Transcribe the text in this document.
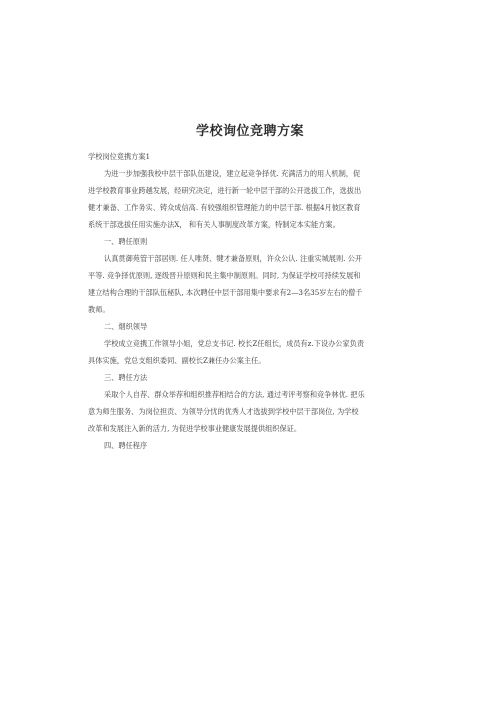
学校询位竞聘方案

学校岗位竟携方案1

为进一步加强我校中层干部队伍建设，建立起竞争择优. 充满活力的用人机制，促

进学校教育事业跨越发展，经研究决定，进行新一轮中层干部的公开选拔工作，选拔出

健才兼备、工作务实、铸众成信高. 有较强组织管理能力的中层干部. 根据4月彼区教育

系统干部选拔任用实施办法X， 和有关人事制度改革方案，特制定本实能方案。

一、聘任原则

认真贯御苑管干部居则. 任人唯贤、犍才兼备原则，许众公认. 注重实城展则. 公开

平等. 竞争择优原则, 逐级晋升原则和民主集中制原则。同时, 为保证学校可持续发展和

建立结构合理的干部队伍秘队, 本次聘任中层干部用集中要求有2—3名35岁左右的僧千

教师。

二、烟织领导

学校成立竞携工作领导小姐，党总支书记. 校长Z任组长，成员有z.下设办公家负责

具体实施，党总支组织委同、副校长Z兼任办公案主任。

三、聘任方法

采取个人自荐、群众举荐和组织推荐相结合的方法, 通过考评考察和竞争林优. 把乐

意为师生服务、为岗位担贡、为领导分忧的优秀人才选拔到学校中层干部岗位, 为学校

改革和发展注入新的活力, 为促进学校事业健康发展提供组织保证。

四、聘任程序
